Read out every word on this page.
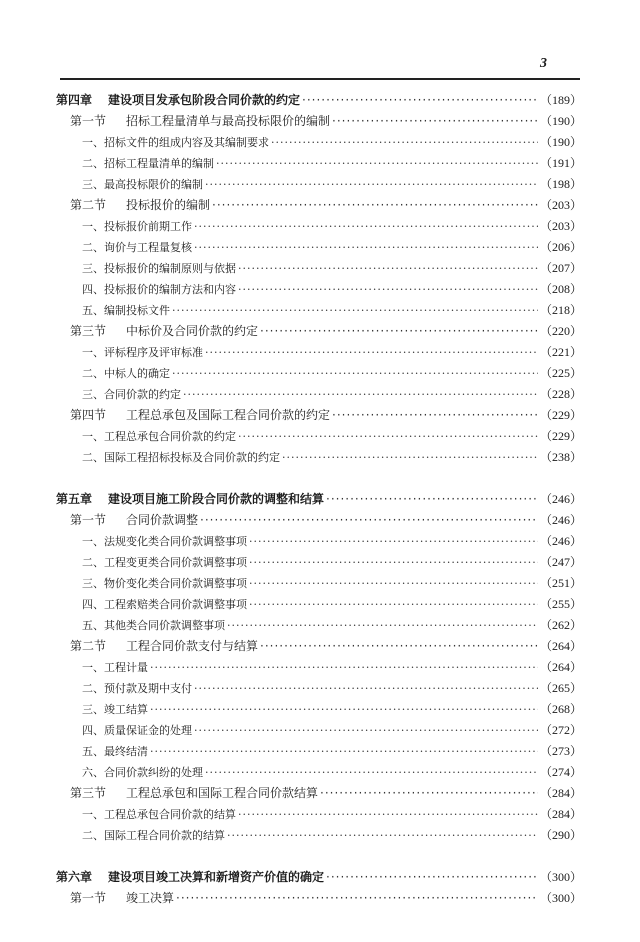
3
第四章 建设项目发承包阶段合同价款的约定 ·····	（189）
第一节 招标工程量清单与最高投标限价的编制 ·····	（190）
一、招标文件的组成内容及其编制要求 ·····	（190）
二、招标工程量清单的编制 ·····	（191）
三、最高投标限价的编制 ·····	（198）
第二节 投标报价的编制 ·····	（203）
一、投标报价前期工作 ·····	（203）
二、询价与工程量复核 ·····	（206）
三、投标报价的编制原则与依据 ·····	（207）
四、投标报价的编制方法和内容 ·····	（208）
五、编制投标文件 ·····	（218）
第三节 中标价及合同价款的约定 ·····	（220）
一、评标程序及评审标准 ·····	（221）
二、中标人的确定 ·····	（225）
三、合同价款的约定 ·····	（228）
第四节 工程总承包及国际工程合同价款的约定 ·····	（229）
一、工程总承包合同价款的约定 ·····	（229）
二、国际工程招标投标及合同价款的约定 ·····	（238）
第五章 建设项目施工阶段合同价款的调整和结算 ·····	（246）
第一节 合同价款调整 ·····	（246）
一、法规变化类合同价款调整事项 ·····	（246）
二、工程变更类合同价款调整事项 ·····	（247）
三、物价变化类合同价款调整事项 ·····	（251）
四、工程索赔类合同价款调整事项 ·····	（255）
五、其他类合同价款调整事项 ·····	（262）
第二节 工程合同价款支付与结算 ·····	（264）
一、工程计量 ·····	（264）
二、预付款及期中支付 ·····	（265）
三、竣工结算 ·····	（268）
四、质量保证金的处理 ·····	（272）
五、最终结清 ·····	（273）
六、合同价款纠纷的处理 ·····	（274）
第三节 工程总承包和国际工程合同价款结算 ·····	（284）
一、工程总承包合同价款的结算 ·····	（284）
二、国际工程合同价款的结算 ·····	（290）
第六章 建设项目竣工决算和新增资产价值的确定 ·····	（300）
第一节 竣工决算 ·····	（300）
